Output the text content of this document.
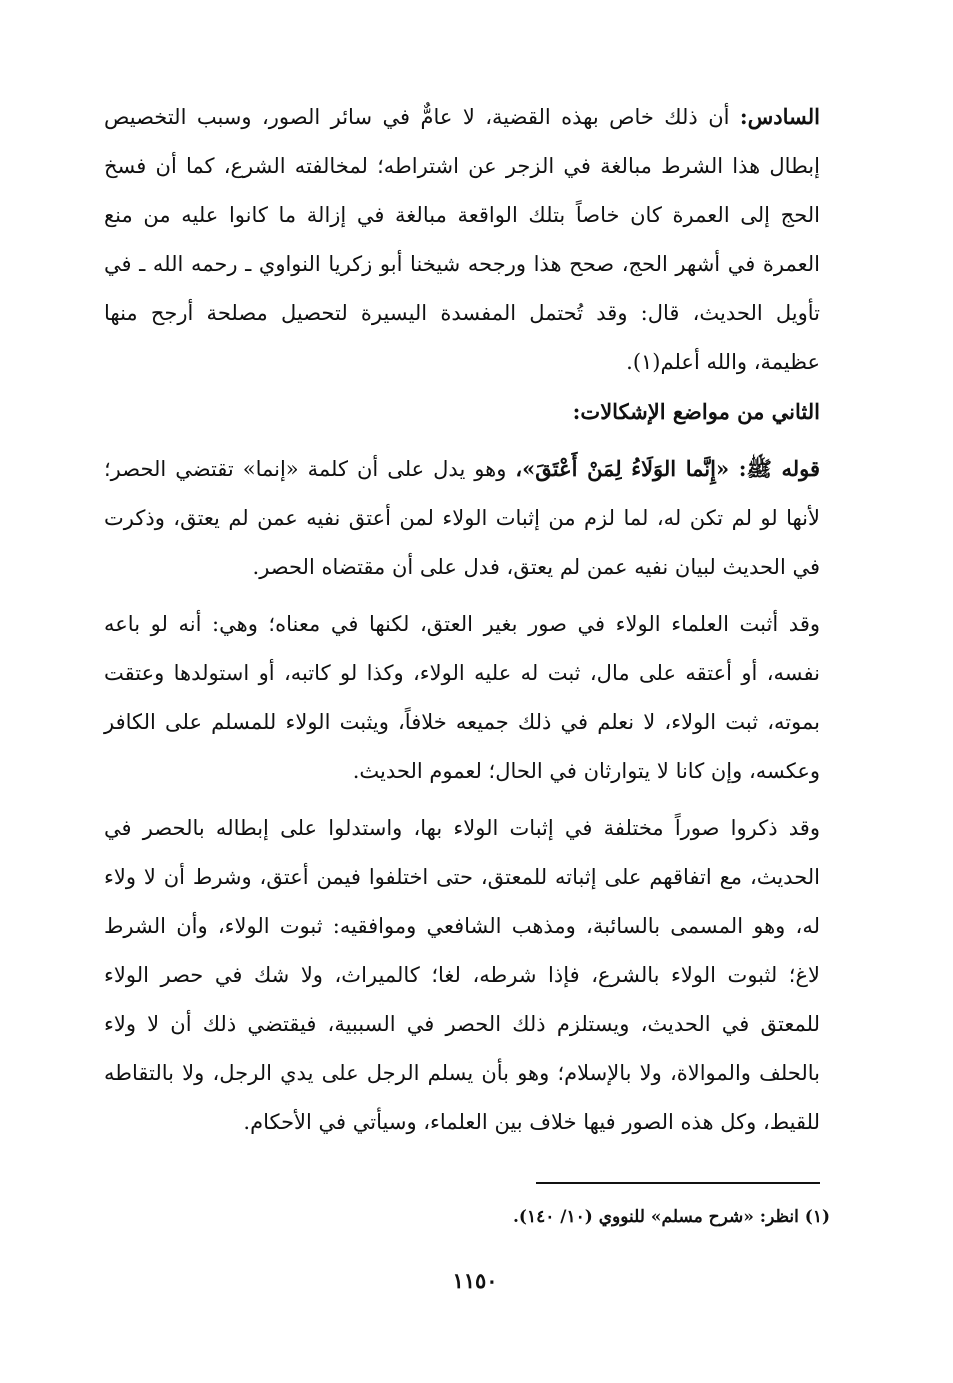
السادس: أن ذلك خاص بهذه القضية، لا عامٌّ في سائر الصور، وسبب التخصيص إبطال هذا الشرط مبالغة في الزجر عن اشتراطه؛ لمخالفته الشرع، كما أن فسخ الحج إلى العمرة كان خاصاً بتلك الواقعة مبالغة في إزالة ما كانوا عليه من منع العمرة في أشهر الحج، صحح هذا ورجحه شيخنا أبو زكريا النواوي ـ رحمه الله ـ في تأويل الحديث، قال: وقد تُحتمل المفسدة اليسيرة لتحصيل مصلحة أرجح منها عظيمة، والله أعلم(١).

الثاني من مواضع الإشكالات:

قوله ﷺ: «إِنَّما الوَلَاءُ لِمَنْ أَعْتَقَ»، وهو يدل على أن كلمة «إنما» تقتضي الحصر؛ لأنها لو لم تكن له، لما لزم من إثبات الولاء لمن أعتق نفيه عمن لم يعتق، وذكرت في الحديث لبيان نفيه عمن لم يعتق، فدل على أن مقتضاه الحصر.

وقد أثبت العلماء الولاء في صور بغير العتق، لكنها في معناه؛ وهي: أنه لو باعه نفسه، أو أعتقه على مال، ثبت له عليه الولاء، وكذا لو كاتبه، أو استولدها وعتقت بموته، ثبت الولاء، لا نعلم في ذلك جميعه خلافاً، ويثبت الولاء للمسلم على الكافر وعكسه، وإن كانا لا يتوارثان في الحال؛ لعموم الحديث.

وقد ذكروا صوراً مختلفة في إثبات الولاء بها، واستدلوا على إبطاله بالحصر في الحديث، مع اتفاقهم على إثباته للمعتق، حتى اختلفوا فيمن أعتق، وشرط أن لا ولاء له، وهو المسمى بالسائبة، ومذهب الشافعي وموافقيه: ثبوت الولاء، وأن الشرط لاغ؛ لثبوت الولاء بالشرع، فإذا شرطه، لغا؛ كالميراث، ولا شك في حصر الولاء للمعتق في الحديث، ويستلزم ذلك الحصر في السببية، فيقتضي ذلك أن لا ولاء بالحلف والموالاة، ولا بالإسلام؛ وهو بأن يسلم الرجل على يدي الرجل، ولا بالتقاطه للقيط، وكل هذه الصور فيها خلاف بين العلماء، وسيأتي في الأحكام.

(١) انظر: «شرح مسلم» للنووي (١٠/ ١٤٠).
١١٥٠
